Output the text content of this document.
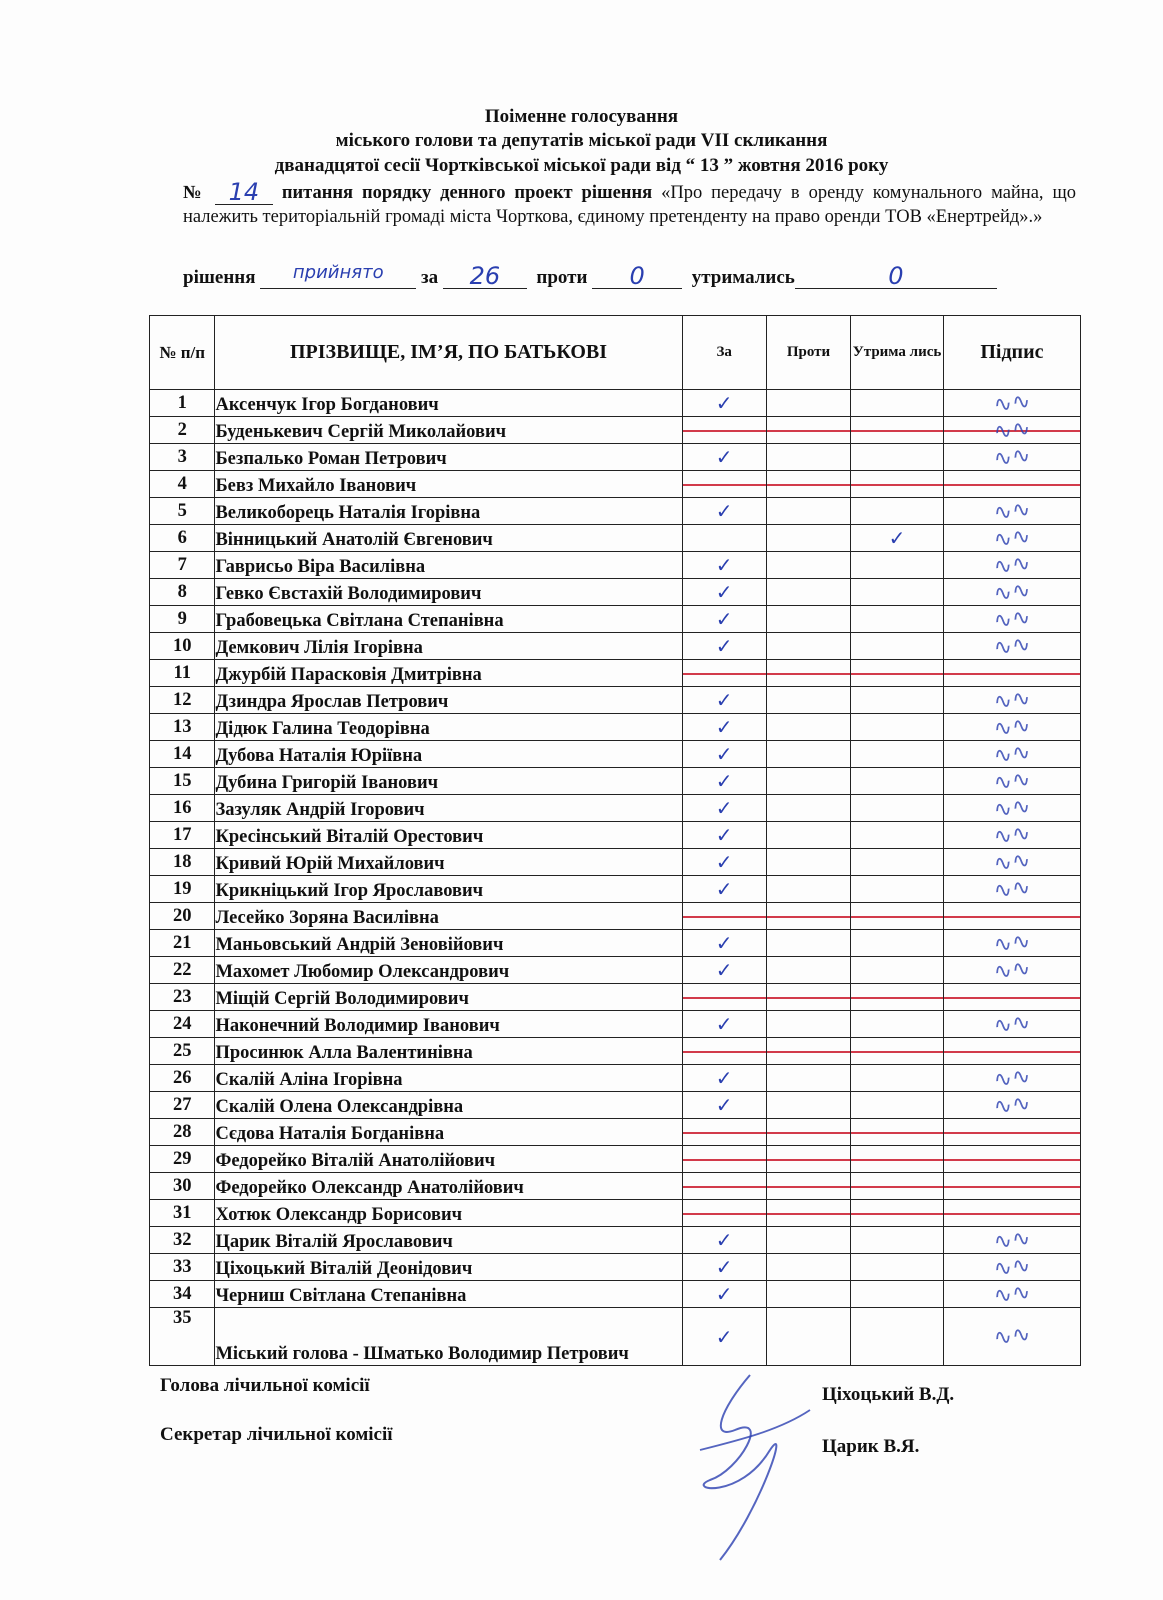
Поіменне голосування
міського голови та депутатів міської ради VII скликання
дванадцятої сесії Чортківської міської ради від “ 13 ” жовтня 2016 року
№ 14 питання порядку денного проект рішення «Про передачу в оренду комунального майна, що належить територіальній громаді міста Чорткова, єдиному претенденту на право оренди ТОВ «Енертрейд».»
рішення прийнято за 26 проти 0 утримались	0
№ п/п	ПРІЗВИЩЕ, ІМ’Я, ПО БАТЬКОВІ	За	Проти	Утрима лись	Підпис
1	Аксенчук Ігор Богданович	✓			∿∿

2	Буденькевич Сергій Миколайович				∿∿

3	Безпалько Роман Петрович	✓			∿∿

4	Бевз Михайло Іванович	

5	Великоборець Наталія Ігорівна	✓			∿∿

6	Вінницький Анатолій Євгенович			✓	∿∿

7	Гаврисьо Віра Василівна	✓			∿∿

8	Гевко Євстахій Володимирович	✓			∿∿

9	Грабовецька Світлана Степанівна	✓			∿∿

10	Демкович Лілія Ігорівна	✓			∿∿

11	Джурбій Парасковія Дмитрівна	

12	Дзиндра Ярослав Петрович	✓			∿∿

13	Дідюк Галина Теодорівна	✓			∿∿

14	Дубова Наталія Юріївна	✓			∿∿

15	Дубина Григорій Іванович	✓			∿∿

16	Зазуляк Андрій Ігорович	✓			∿∿

17	Кресінський Віталій Орестович	✓			∿∿

18	Кривий Юрій Михайлович	✓			∿∿

19	Крикніцький Ігор Ярославович	✓			∿∿

20	Лесейко Зоряна Василівна	

21	Маньовський Андрій Зеновійович	✓			∿∿

22	Махомет Любомир Олександрович	✓			∿∿

23	Міщій Сергій Володимирович	

24	Наконечний Володимир Іванович	✓			∿∿

25	Просинюк Алла Валентинівна	

26	Скалій Аліна Ігорівна	✓			∿∿

27	Скалій Олена Олександрівна	✓			∿∿

28	Сєдова Наталія Богданівна	

29	Федорейко Віталій Анатолійович	

30	Федорейко Олександр Анатолійович	

31	Хотюк Олександр Борисович	

32	Царик Віталій Ярославович	✓			∿∿

33	Ціхоцький Віталій Деонідович	✓			∿∿

34	Черниш Світлана Степанівна	✓			∿∿

35	Міський голова - Шматько Володимир Петрович	✓			∿∿
Голова лічильної комісії
Секретар лічильної комісії
Ціхоцький В.Д.
Царик В.Я.
